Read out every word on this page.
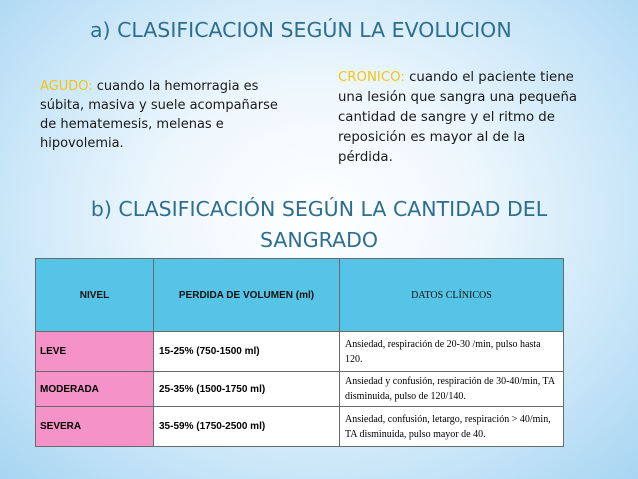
a) CLASIFICACION SEGÚN LA EVOLUCION
AGUDO: cuando la hemorragia es súbita, masiva y suele acompañarse de hematemesis, melenas e hipovolemia.
CRONICO: cuando el paciente tiene una lesión que sangra una pequeña cantidad de sangre y el ritmo de reposición es mayor al de la pérdida.
b) CLASIFICACIÓN SEGÚN LA CANTIDAD DEL
SANGRADO
NIVEL	PERDIDA DE VOLUMEN (ml)	DATOS CLÍNICOS
LEVE	15-25% (750-1500 ml)	Ansiedad, respiración de 20-30 /min, pulso hasta 120.
MODERADA	25-35% (1500-1750 ml)	Ansiedad y confusión, respiración de 30-40/min, TA disminuida, pulso de 120/140.
SEVERA	35-59% (1750-2500 ml)	Ansiedad, confusión, letargo, respiración > 40/min, TA disminuida, pulso mayor de 40.
